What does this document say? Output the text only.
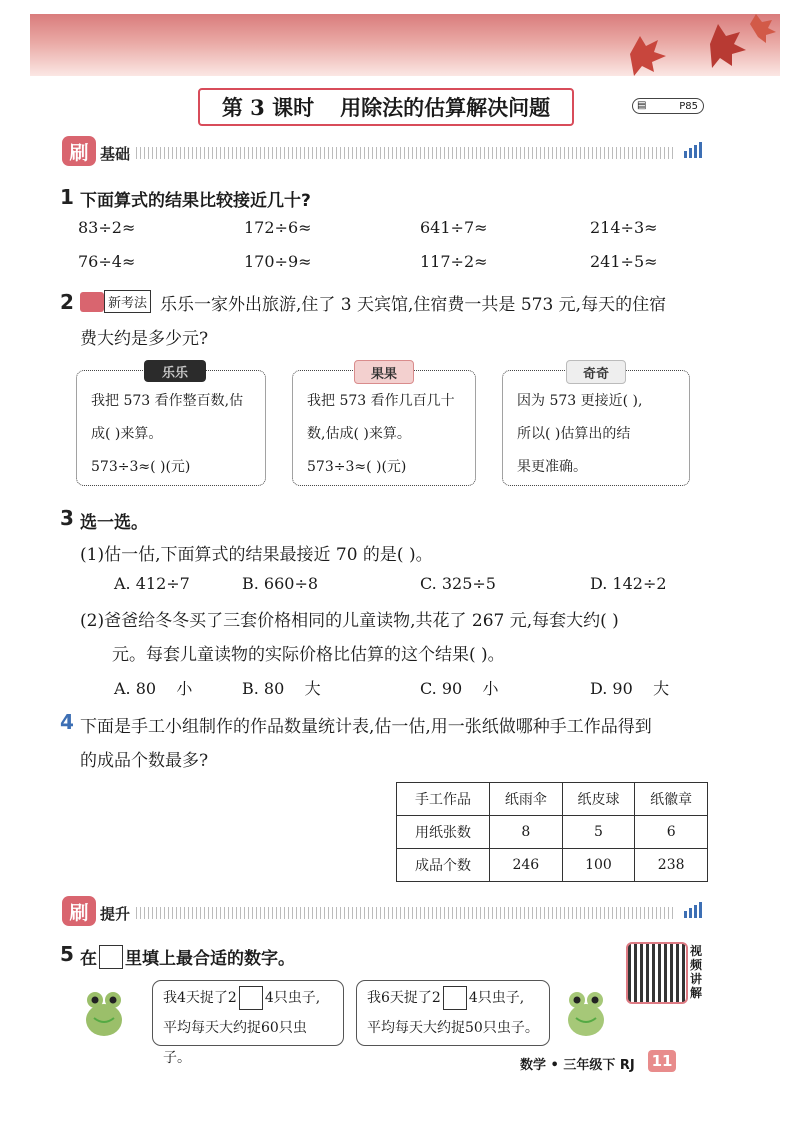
第 3 课时 用除法的估算解决问题	▤	P85
刷 基础
1 下面算式的结果比较接近几十?
83÷2≈	172÷6≈	641÷7≈	214÷3≈
76÷4≈	170÷9≈	117÷2≈	241÷5≈
2	新考法 乐乐一家外出旅游,住了 3 天宾馆,住宿费一共是 573 元,每天的住宿
费大约是多少元?
我把 573 看作整百数,估
成( )来算。
573÷3≈( )(元)
乐乐
我把 573 看作几百几十
数,估成( )来算。
573÷3≈( )(元)
果果
因为 573 更接近( ),
所以( )估算出的结
果更准确。
奇奇
3 选一选。
(1)估一估,下面算式的结果最接近 70 的是( )。
A. 412÷7	B. 660÷8	C. 325÷5	D. 142÷2
(2)爸爸给冬冬买了三套价格相同的儿童读物,共花了 267 元,每套大约( )
元。每套儿童读物的实际价格比估算的这个结果( )。
A. 80    小	B. 80    大	C. 90    小	D. 90    大
4 下面是手工小组制作的作品数量统计表,估一估,用一张纸做哪种手工作品得到
的成品个数最多?
手工作品	纸雨伞	纸皮球	纸徽章
用纸张数	8	5	6
成品个数	246	100	238
刷 提升
5 在 里填上最合适的数字。	视频讲解
我4天捉了2 4只虫子,
平均每天大约捉60只虫子。
我6天捉了2 4只虫子,
平均每天大约捉50只虫子。
数学 • 三年级下 RJ 11
